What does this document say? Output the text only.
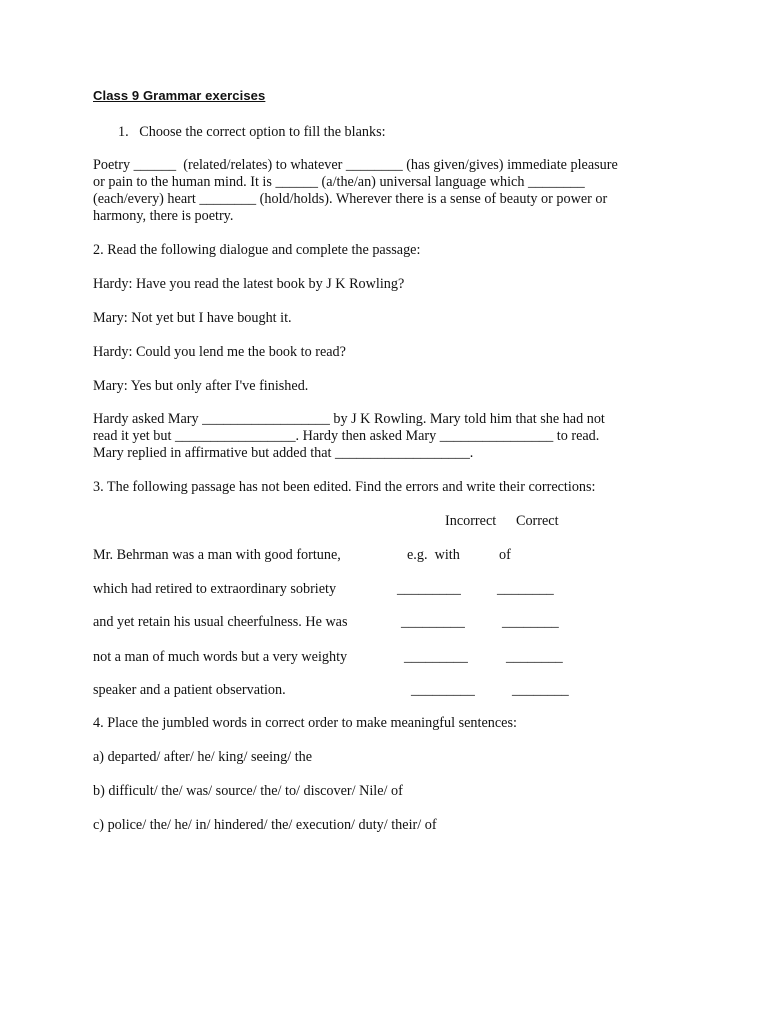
Class 9 Grammar exercises
1.   Choose the correct option to fill the blanks:
Poetry ______  (related/relates) to whatever ________ (has given/gives) immediate pleasure
or pain to the human mind. It is ______ (a/the/an) universal language which ________
(each/every) heart ________ (hold/holds). Wherever there is a sense of beauty or power or
harmony, there is poetry.
2. Read the following dialogue and complete the passage:
Hardy: Have you read the latest book by J K Rowling?
Mary: Not yet but I have bought it.
Hardy: Could you lend me the book to read?
Mary: Yes but only after I've finished.
Hardy asked Mary __________________ by J K Rowling. Mary told him that she had not
read it yet but _________________. Hardy then asked Mary ________________ to read.
Mary replied in affirmative but added that ___________________.
3. The following passage has not been edited. Find the errors and write their corrections:
Incorrect Correct
Mr. Behrman was a man with good fortune,	e.g.  with	of
which had retired to extraordinary sobriety	_________	________
and yet retain his usual cheerfulness. He was	_________	________
not a man of much words but a very weighty	_________	________
speaker and a patient observation.	_________	________
4. Place the jumbled words in correct order to make meaningful sentences:
a) departed/ after/ he/ king/ seeing/ the
b) difficult/ the/ was/ source/ the/ to/ discover/ Nile/ of
c) police/ the/ he/ in/ hindered/ the/ execution/ duty/ their/ of
